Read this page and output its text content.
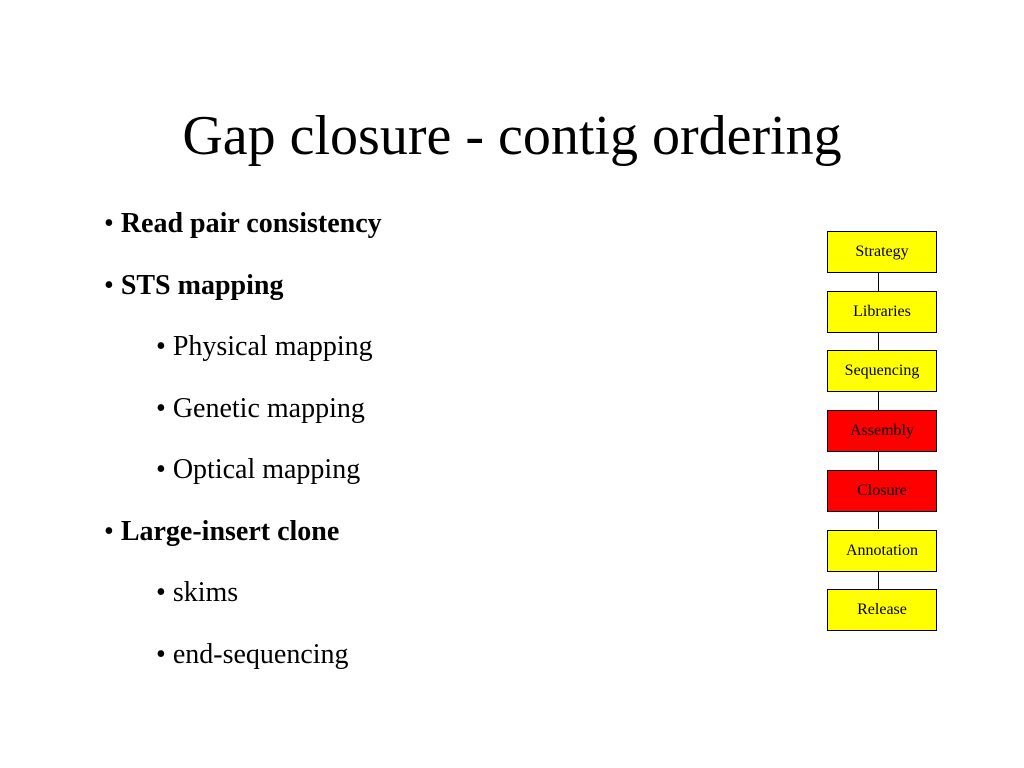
Gap closure - contig ordering
• Read pair consistency
• STS mapping
• Physical mapping
• Genetic mapping
• Optical mapping
• Large-insert clone
• skims
• end-sequencing
Strategy
Libraries
Sequencing
Assembly
Closure
Annotation
Release
